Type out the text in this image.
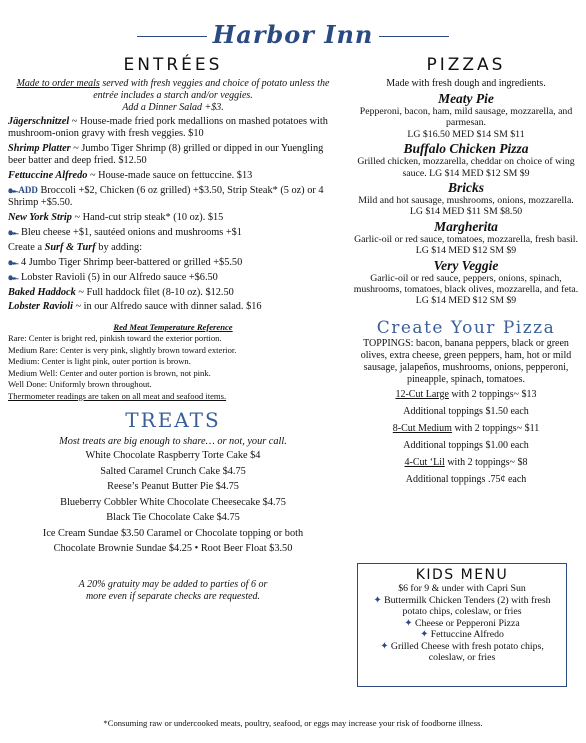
Harbor Inn
ENTRÉES
Made to order meals served with fresh veggies and choice of potato unless the entrée includes a starch and/or veggies.
Add a Dinner Salad +$3.
Jägerschnitzel ~ House-made fried pork medallions on mashed potatoes with mushroom-onion gravy with fresh veggies. $10
Shrimp Platter ~ Jumbo Tiger Shrimp (8) grilled or dipped in our Yuengling beer batter and deep fried. $12.50
Fettuccine Alfredo ~ House-made sauce on fettuccine. $13
๛ADD Broccoli +$2, Chicken (6 oz grilled) +$3.50, Strip Steak* (5 oz) or 4 Shrimp +$5.50.
New York Strip ~ Hand-cut strip steak* (10 oz). $15
๛ Bleu cheese +$1, sautéed onions and mushrooms +$1
Create a Surf & Turf by adding:
๛ 4 Jumbo Tiger Shrimp beer-battered or grilled +$5.50
๛ Lobster Ravioli (5) in our Alfredo sauce +$6.50
Baked Haddock ~ Full haddock filet (8-10 oz). $12.50
Lobster Ravioli ~ in our Alfredo sauce with dinner salad. $16
Red Meat Temperature Reference
Rare: Center is bright red, pinkish toward the exterior portion.
Medium Rare: Center is very pink, slightly brown toward exterior.
Medium: Center is light pink, outer portion is brown.
Medium Well: Center and outer portion is brown, not pink.
Well Done: Uniformly brown throughout.
Thermometer readings are taken on all meat and seafood items.
TREATS
Most treats are big enough to share… or not, your call.
White Chocolate Raspberry Torte Cake $4
Salted Caramel Crunch Cake $4.75
Reese’s Peanut Butter Pie $4.75
Blueberry Cobbler White Chocolate Cheesecake $4.75
Black Tie Chocolate Cake $4.75
Ice Cream Sundae $3.50 Caramel or Chocolate topping or both
Chocolate Brownie Sundae $4.25 • Root Beer Float $3.50
A 20% gratuity may be added to parties of 6 or
more even if separate checks are requested.
PIZZAS
Made with fresh dough and ingredients.
Meaty Pie
Pepperoni, bacon, ham, mild sausage, mozzarella, and parmesan.
LG $16.50 MED $14 SM $11
Buffalo Chicken Pizza
Grilled chicken, mozzarella, cheddar on choice of wing sauce. LG $14 MED $12 SM $9
Bricks
Mild and hot sausage, mushrooms, onions, mozzarella. LG $14 MED $11 SM $8.50
Margherita
Garlic-oil or red sauce, tomatoes, mozzarella, fresh basil. LG $14 MED $12 SM $9
Very Veggie
Garlic-oil or red sauce, peppers, onions, spinach, mushrooms, tomatoes, black olives, mozzarella, and feta. LG $14 MED $12 SM $9
Create Your Pizza
TOPPINGS: bacon, banana peppers, black or green olives, extra cheese, green peppers, ham, hot or mild sausage, jalapeños, mushrooms, onions, pepperoni, pineapple, spinach, tomatoes.
12-Cut Large with 2 toppings~ $13
Additional toppings $1.50 each
8-Cut Medium with 2 toppings~ $11
Additional toppings $1.00 each
4-Cut ‘Lil with 2 toppings~ $8
Additional toppings .75¢ each
KIDS MENU
$6 for 9 & under with Capri Sun
✦ Buttermilk Chicken Tenders (2) with fresh potato chips, coleslaw, or fries
✦ Cheese or Pepperoni Pizza
✦ Fettuccine Alfredo
✦ Grilled Cheese with fresh potato chips, coleslaw, or fries
*Consuming raw or undercooked meats, poultry, seafood, or eggs may increase your risk of foodborne illness.
